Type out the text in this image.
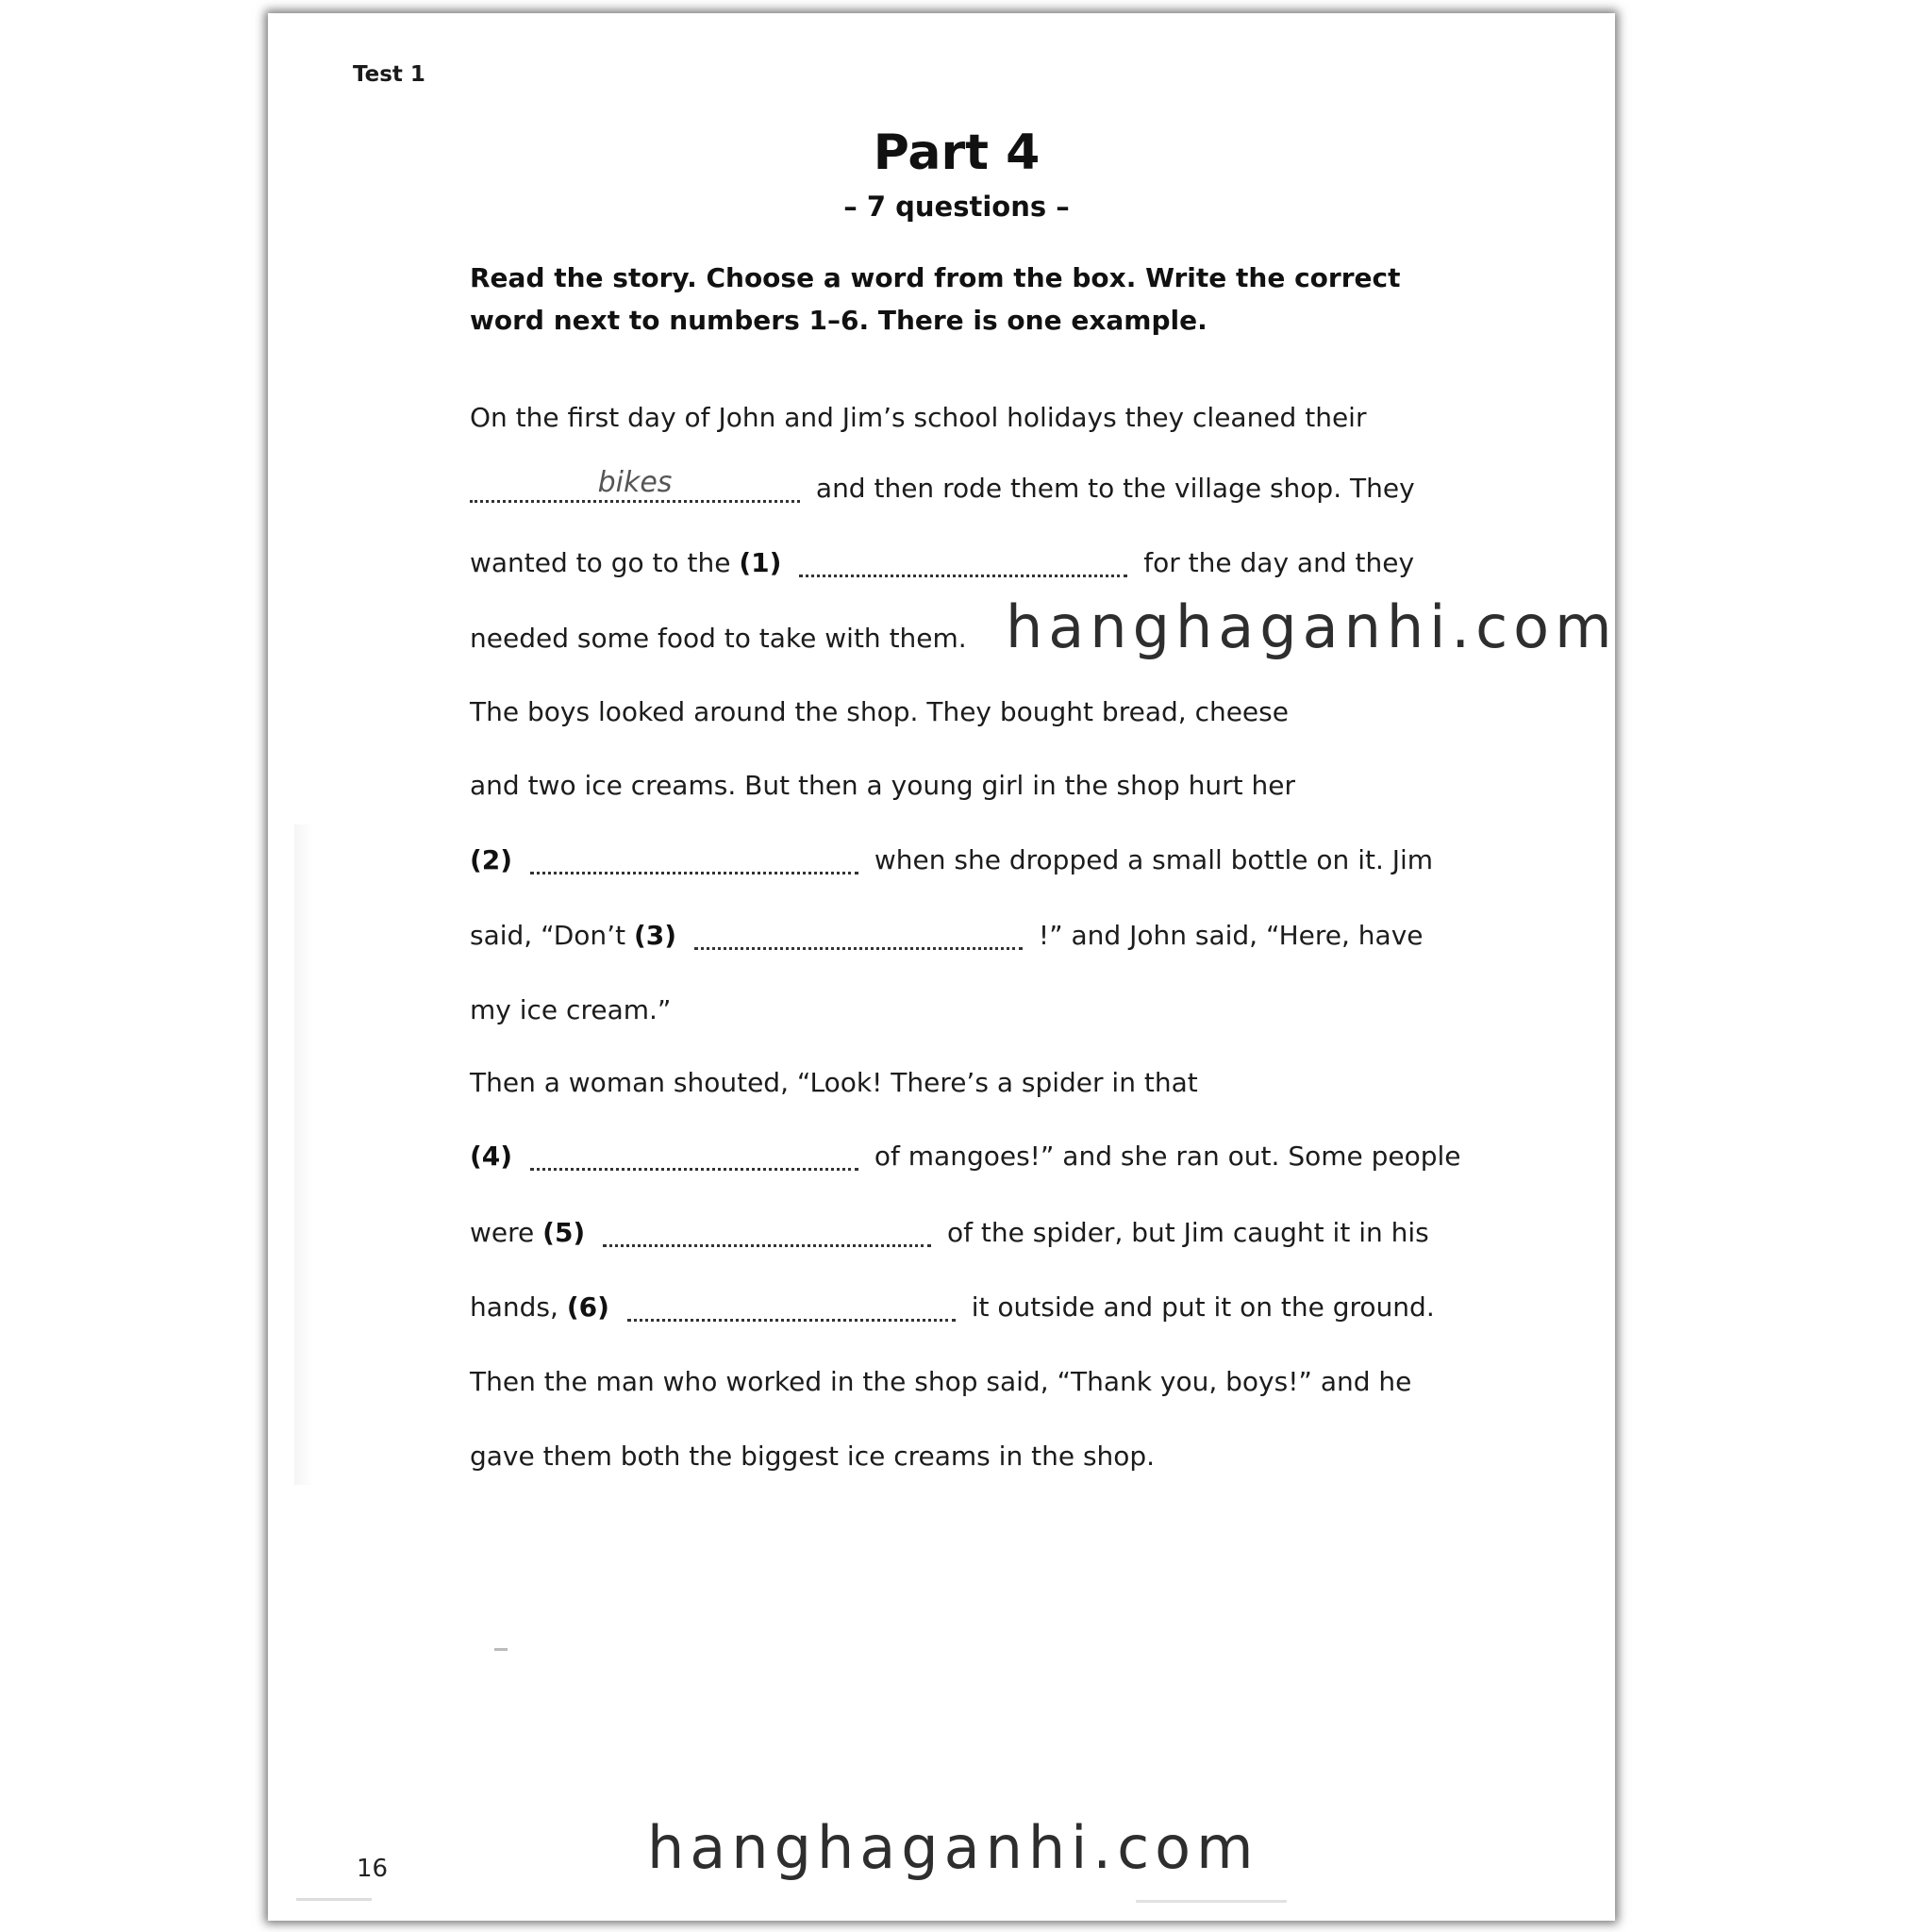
Test 1
Part 4
– 7 questions –
Read the story. Choose a word from the box. Write the correct word next to numbers 1–6. There is one example.
On the first day of John and Jim’s school holidays they cleaned their
bikes	and then rode them to the village shop. They
wanted to go to the (1)	for the day and they
needed some food to take with them.
The boys looked around the shop. They bought bread, cheese
and two ice creams. But then a young girl in the shop hurt her
(2)	when she dropped a small bottle on it. Jim
said, “Don’t (3)	!” and John said, “Here, have
my ice cream.”
Then a woman shouted, “Look! There’s a spider in that
(4)	of mangoes!” and she ran out. Some people
were (5)	of the spider, but Jim caught it in his
hands, (6)	it outside and put it on the ground.
Then the man who worked in the shop said, “Thank you, boys!” and he
gave them both the biggest ice creams in the shop.
16
hanghaganhi.com
hanghaganhi.com
